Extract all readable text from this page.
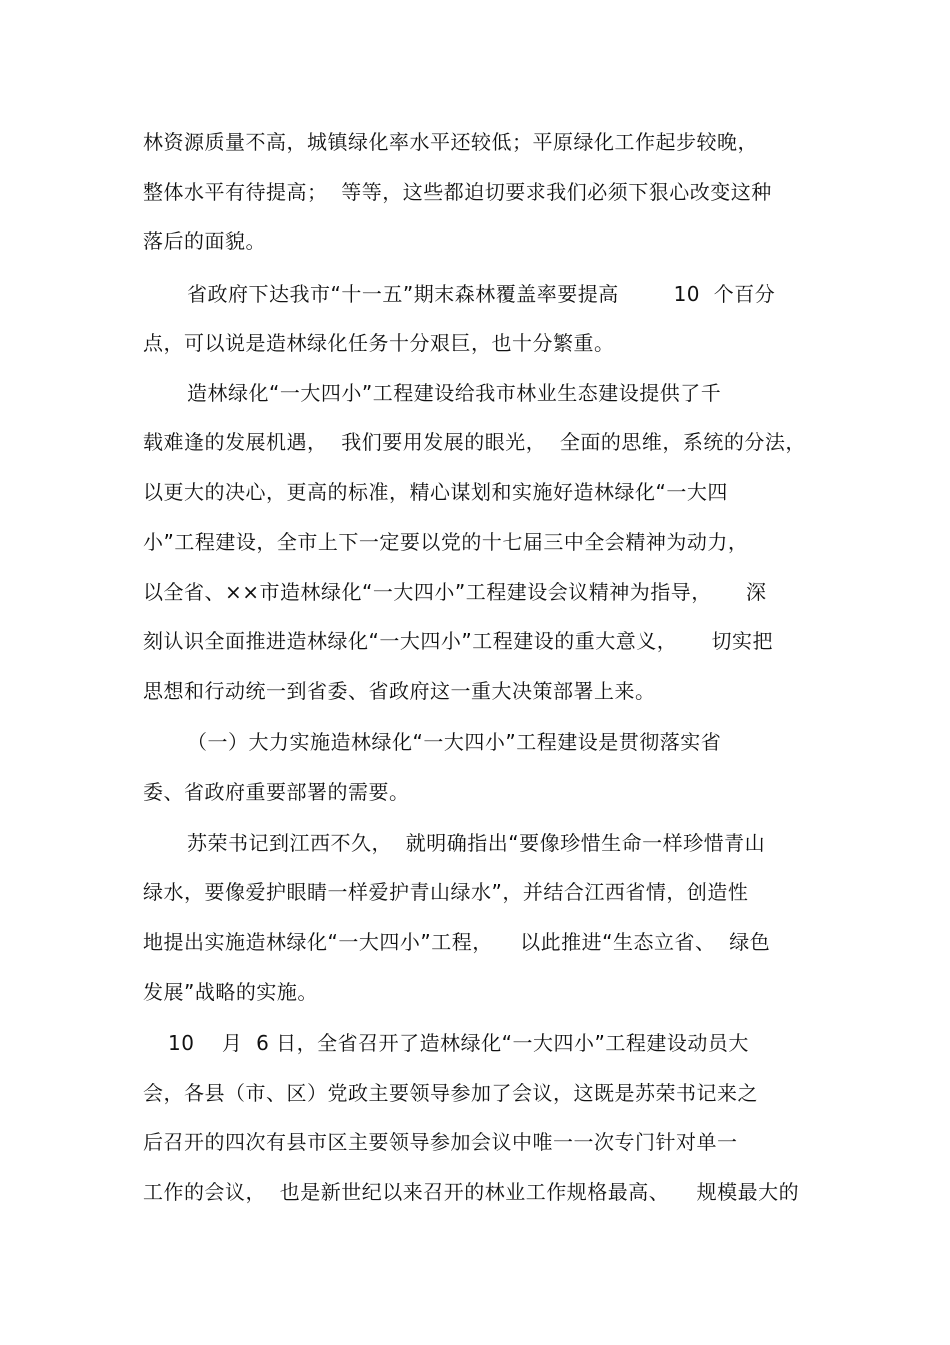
林资源质量不高，城镇绿化率水平还较低；平原绿化工作起步较晚，
整体水平有待提高；  等等，这些都迫切要求我们必须下狠心改变这种
落后的面貌。
省政府下达我市“十一五”期末森林覆盖率要提高        10  个百分
点，可以说是造林绿化任务十分艰巨，也十分繁重。
造林绿化“一大四小”工程建设给我市林业生态建设提供了千
载难逢的发展机遇，  我们要用发展的眼光，  全面的思维，系统的分法，
以更大的决心，更高的标准，精心谋划和实施好造林绿化“一大四
小”工程建设，全市上下一定要以党的十七届三中全会精神为动力，
以全省、××市造林绿化“一大四小”工程建设会议精神为指导，     深
刻认识全面推进造林绿化“一大四小”工程建设的重大意义，     切实把
思想和行动统一到省委、省政府这一重大决策部署上来。
（一）大力实施造林绿化“一大四小”工程建设是贯彻落实省
委、省政府重要部署的需要。
苏荣书记到江西不久，  就明确指出“要像珍惜生命一样珍惜青山
绿水，要像爱护眼睛一样爱护青山绿水”，并结合江西省情，创造性
地提出实施造林绿化“一大四小”工程，    以此推进“生态立省、  绿色
发展”战略的实施。
10    月  6 日，全省召开了造林绿化“一大四小”工程建设动员大
会，各县（市、区）党政主要领导参加了会议，这既是苏荣书记来之
后召开的四次有县市区主要领导参加会议中唯一一次专门针对单一
工作的会议，  也是新世纪以来召开的林业工作规格最高、    规模最大的
